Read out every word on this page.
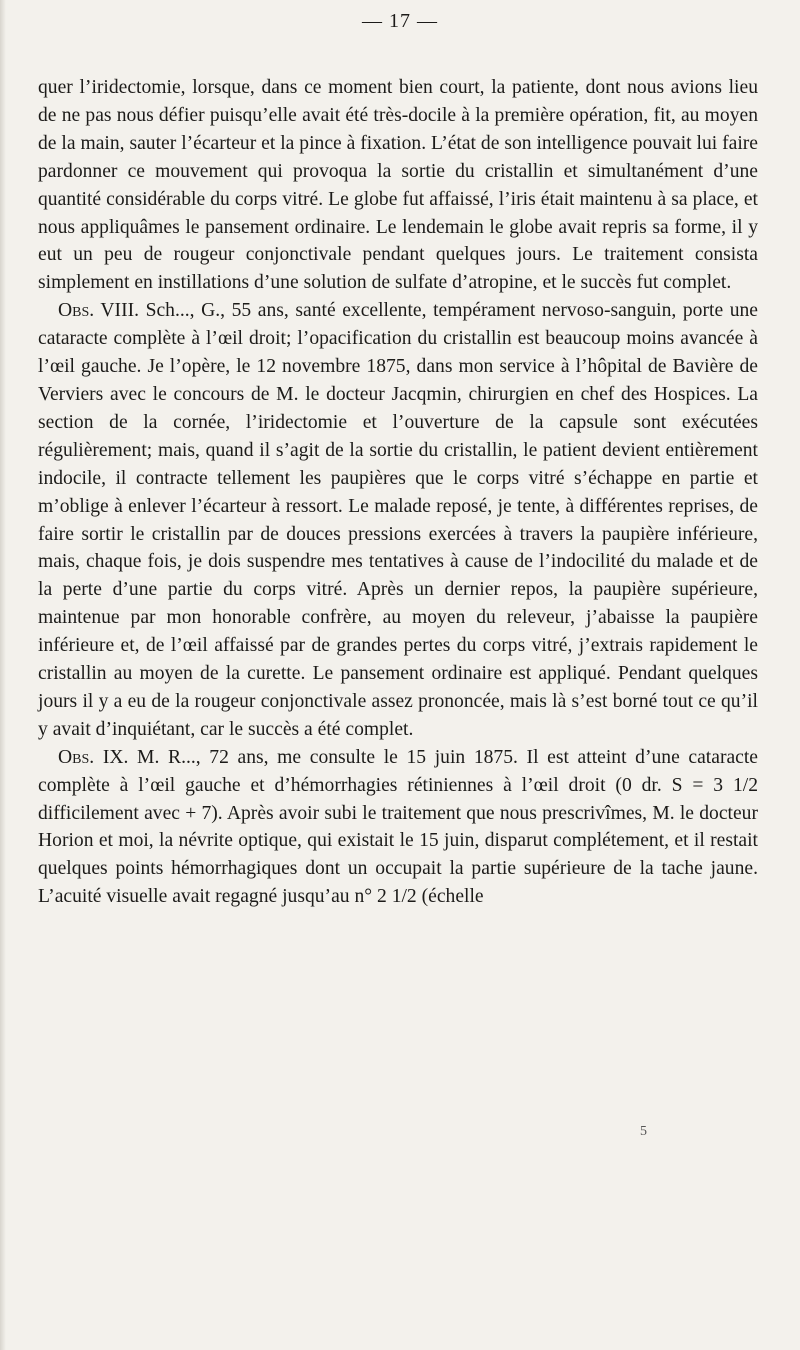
— 17 —

quer l’iridectomie, lorsque, dans ce moment bien court, la patiente, dont nous avions lieu de ne pas nous défier puisqu’elle avait été très-docile à la première opération, fit, au moyen de la main, sauter l’écarteur et la pince à fixation. L’état de son intelligence pouvait lui faire pardonner ce mouvement qui provoqua la sortie du cristallin et simultanément d’une quantité considérable du corps vitré. Le globe fut affaissé, l’iris était maintenu à sa place, et nous appliquâmes le pansement ordinaire. Le lendemain le globe avait repris sa forme, il y eut un peu de rougeur conjonctivale pendant quelques jours. Le traitement consista simplement en instillations d’une solution de sulfate d’atropine, et le succès fut complet.

Obs. VIII. Sch..., G., 55 ans, santé excellente, tempérament nervoso-sanguin, porte une cataracte complète à l’œil droit; l’opacification du cristallin est beaucoup moins avancée à l’œil gauche. Je l’opère, le 12 novembre 1875, dans mon service à l’hôpital de Bavière de Verviers avec le concours de M. le docteur Jacqmin, chirurgien en chef des Hospices. La section de la cornée, l’iridectomie et l’ouverture de la capsule sont exécutées régulièrement; mais, quand il s’agit de la sortie du cristallin, le patient devient entièrement indocile, il contracte tellement les paupières que le corps vitré s’échappe en partie et m’oblige à enlever l’écarteur à ressort. Le malade reposé, je tente, à différentes reprises, de faire sortir le cristallin par de douces pressions exercées à travers la paupière inférieure, mais, chaque fois, je dois suspendre mes tentatives à cause de l’indocilité du malade et de la perte d’une partie du corps vitré. Après un dernier repos, la paupière supérieure, maintenue par mon honorable confrère, au moyen du releveur, j’abaisse la paupière inférieure et, de l’œil affaissé par de grandes pertes du corps vitré, j’extrais rapidement le cristallin au moyen de la curette. Le pansement ordinaire est appliqué. Pendant quelques jours il y a eu de la rougeur conjonctivale assez prononcée, mais là s’est borné tout ce qu’il y avait d’inquiétant, car le succès a été complet.

Obs. IX. M. R..., 72 ans, me consulte le 15 juin 1875. Il est atteint d’une cataracte complète à l’œil gauche et d’hémorrhagies rétiniennes à l’œil droit (0 dr. S = 3 1/2 difficilement avec + 7). Après avoir subi le traitement que nous prescrivîmes, M. le docteur Horion et moi, la névrite optique, qui existait le 15 juin, disparut complétement, et il restait quelques points hémorrhagiques dont un occupait la partie supérieure de la tache jaune. L’acuité visuelle avait regagné jusqu’au n° 2 1/2 (échelle

5
